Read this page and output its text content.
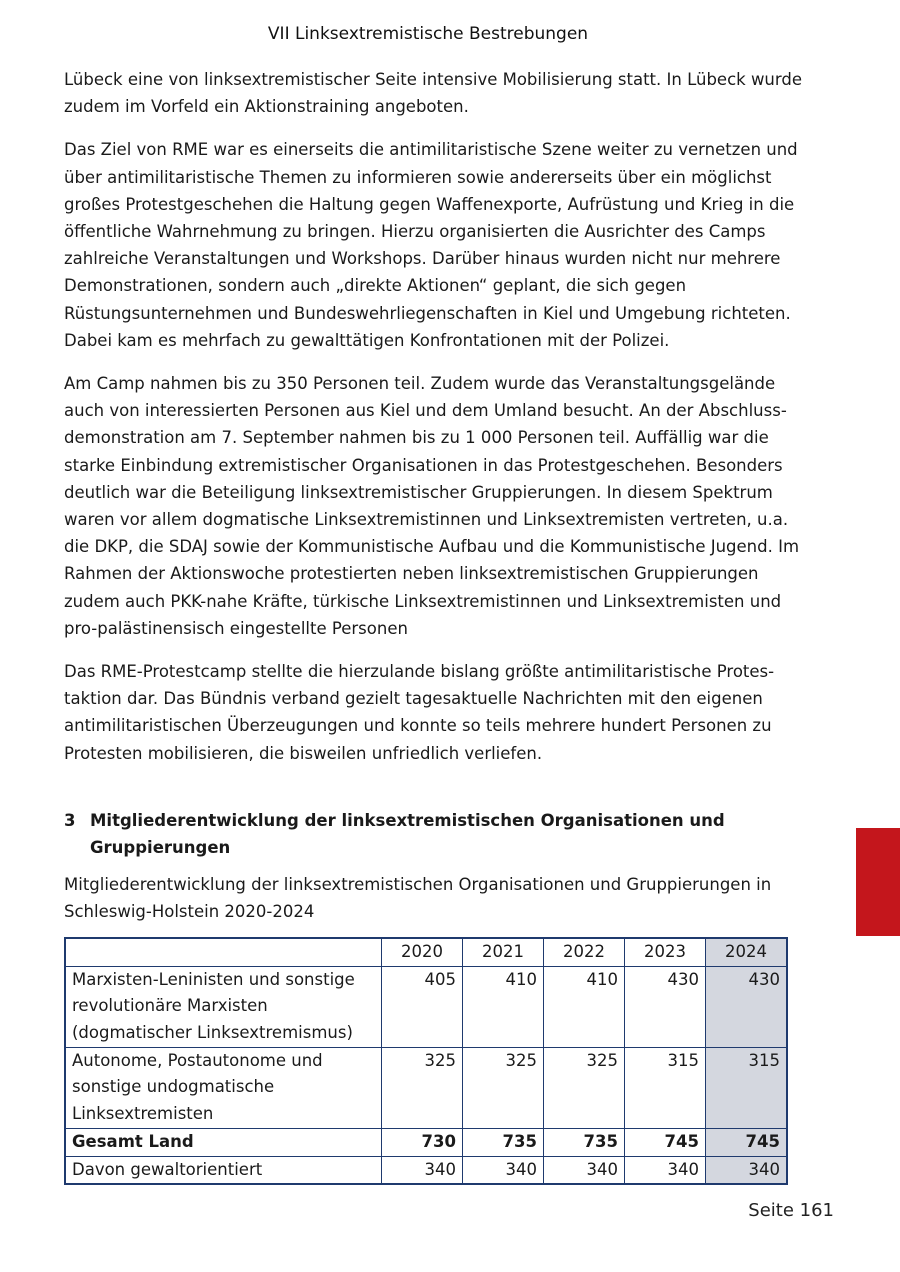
VII Linksextremistische Bestrebungen

Lübeck eine von linksextremistischer Seite intensive Mobilisierung statt. In Lübeck wurde zudem im Vorfeld ein Aktionstraining angeboten.

Das Ziel von RME war es einerseits die antimilitaristische Szene weiter zu vernetzen und über antimilitaristische Themen zu informieren sowie andererseits über ein möglichst großes Protestgeschehen die Haltung gegen Waffenexporte, Aufrüstung und Krieg in die öffentliche Wahrnehmung zu bringen. Hierzu organisierten die Ausrichter des Camps zahlreiche Veranstaltungen und Workshops. Darüber hinaus wurden nicht nur mehrere Demonstrationen, sondern auch „direkte Aktionen“ geplant, die sich gegen Rüstungsunternehmen und Bundeswehrliegenschaften in Kiel und Umgebung richteten. Dabei kam es mehrfach zu gewalttätigen Konfrontationen mit der Polizei.

Am Camp nahmen bis zu 350 Personen teil. Zudem wurde das Veranstaltungsgelände auch von interessierten Personen aus Kiel und dem Umland besucht. An der Abschlussdemonstration am 7. September nahmen bis zu 1 000 Personen teil. Auffällig war die starke Einbindung extremistischer Organisationen in das Protestgeschehen. Besonders deutlich war die Beteiligung linksextremistischer Gruppierungen. In diesem Spektrum waren vor allem dogmatische Linksextremistinnen und Linksextremisten vertreten, u.a. die DKP, die SDAJ sowie der Kommunistische Aufbau und die Kommunistische Jugend. Im Rahmen der Aktionswoche protestierten neben linksextremistischen Gruppierungen zudem auch PKK-nahe Kräfte, türkische Linksextremistinnen und Linksextremisten und pro-palästinensisch eingestellte Personen

Das RME-Protestcamp stellte die hierzulande bislang größte antimilitaristische Protestaktion dar. Das Bündnis verband gezielt tagesaktuelle Nachrichten mit den eigenen antimilitaristischen Überzeugungen und konnte so teils mehrere hundert Personen zu Protesten mobilisieren, die bisweilen unfriedlich verliefen.

3 Mitgliederentwicklung der linksextremistischen Organisationen und Gruppierungen

Mitgliederentwicklung der linksextremistischen Organisationen und Gruppierungen in Schleswig-Holstein 2020-2024

	2020	2021	2022	2023	2024
Marxisten-Leninisten und sonstige revolutionäre Marxisten (dogmatischer Linksextremismus)	405	410	410	430	430
Autonome, Postautonome und sonstige undogmatische Linksextremisten	325	325	325	315	315
Gesamt Land	730	735	735	745	745
Davon gewaltorientiert	340	340	340	340	340
Seite 161
